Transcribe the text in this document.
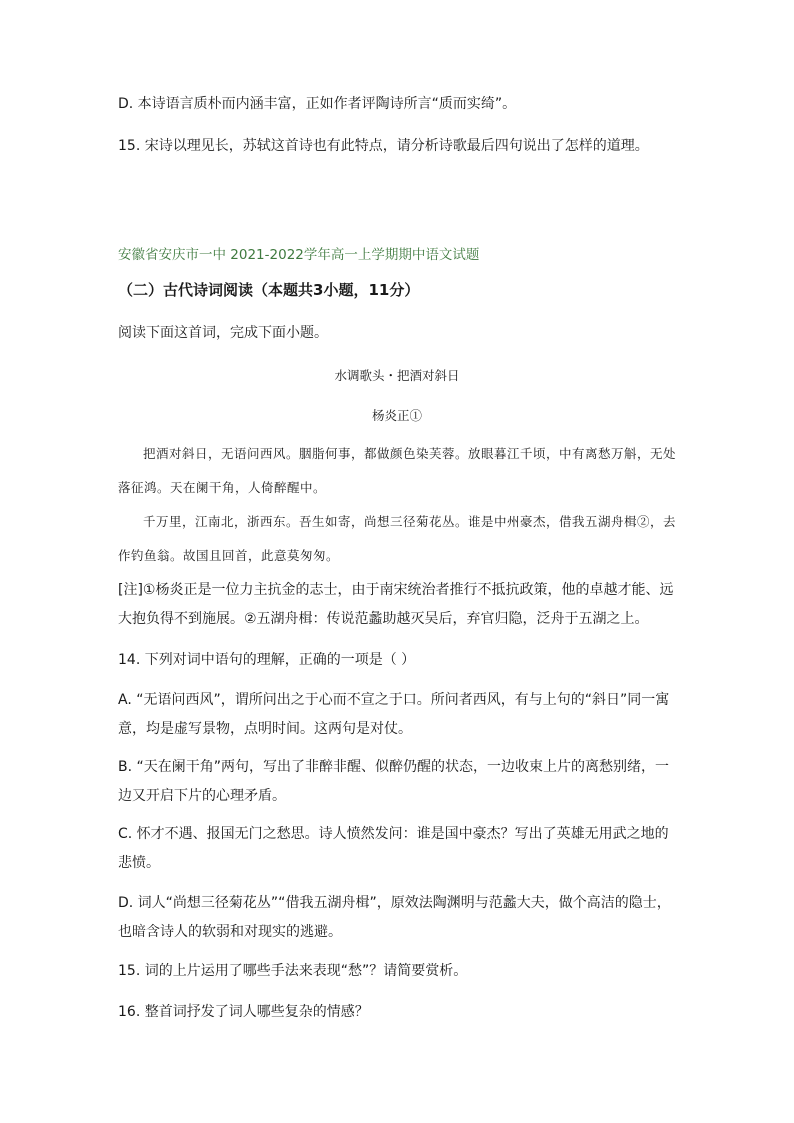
D. 本诗语言质朴而内涵丰富，正如作者评陶诗所言“质而实绮”。
15. 宋诗以理见长，苏轼这首诗也有此特点，请分析诗歌最后四句说出了怎样的道理。
安徽省安庆市一中 2021-2022学年高一上学期期中语文试题
（二）古代诗词阅读（本题共3小题，11分）
阅读下面这首词，完成下面小题。
水调歌头・把酒对斜日
杨炎正①
把酒对斜日，无语问西风。胭脂何事，都做颜色染芙蓉。放眼暮江千顷，中有离愁万斛，无处落征鸿。天在阑干角，人倚醉醒中。
千万里，江南北，浙西东。吾生如寄，尚想三径菊花丛。谁是中州豪杰，借我五湖舟楫②，去作钓鱼翁。故国且回首，此意莫匆匆。
[注]①杨炎正是一位力主抗金的志士，由于南宋统治者推行不抵抗政策，他的卓越才能、远大抱负得不到施展。②五湖舟楫：传说范蠡助越灭吴后，弃官归隐，泛舟于五湖之上。
14. 下列对词中语句的理解，正确的一项是（ ）
A. “无语问西风”，谓所问出之于心而不宣之于口。所问者西风，有与上句的“斜日”同一寓意，均是虚写景物，点明时间。这两句是对仗。
B. “天在阑干角”两句，写出了非醉非醒、似醉仍醒的状态，一边收束上片的离愁别绪，一边又开启下片的心理矛盾。
C. 怀才不遇、报国无门之愁思。诗人愤然发问：谁是国中豪杰？写出了英雄无用武之地的悲愤。
D. 词人“尚想三径菊花丛”“借我五湖舟楫”，原效法陶渊明与范蠡大夫，做个高洁的隐士，也暗含诗人的软弱和对现实的逃避。
15. 词的上片运用了哪些手法来表现“愁”？请简要赏析。
16. 整首词抒发了词人哪些复杂的情感？
